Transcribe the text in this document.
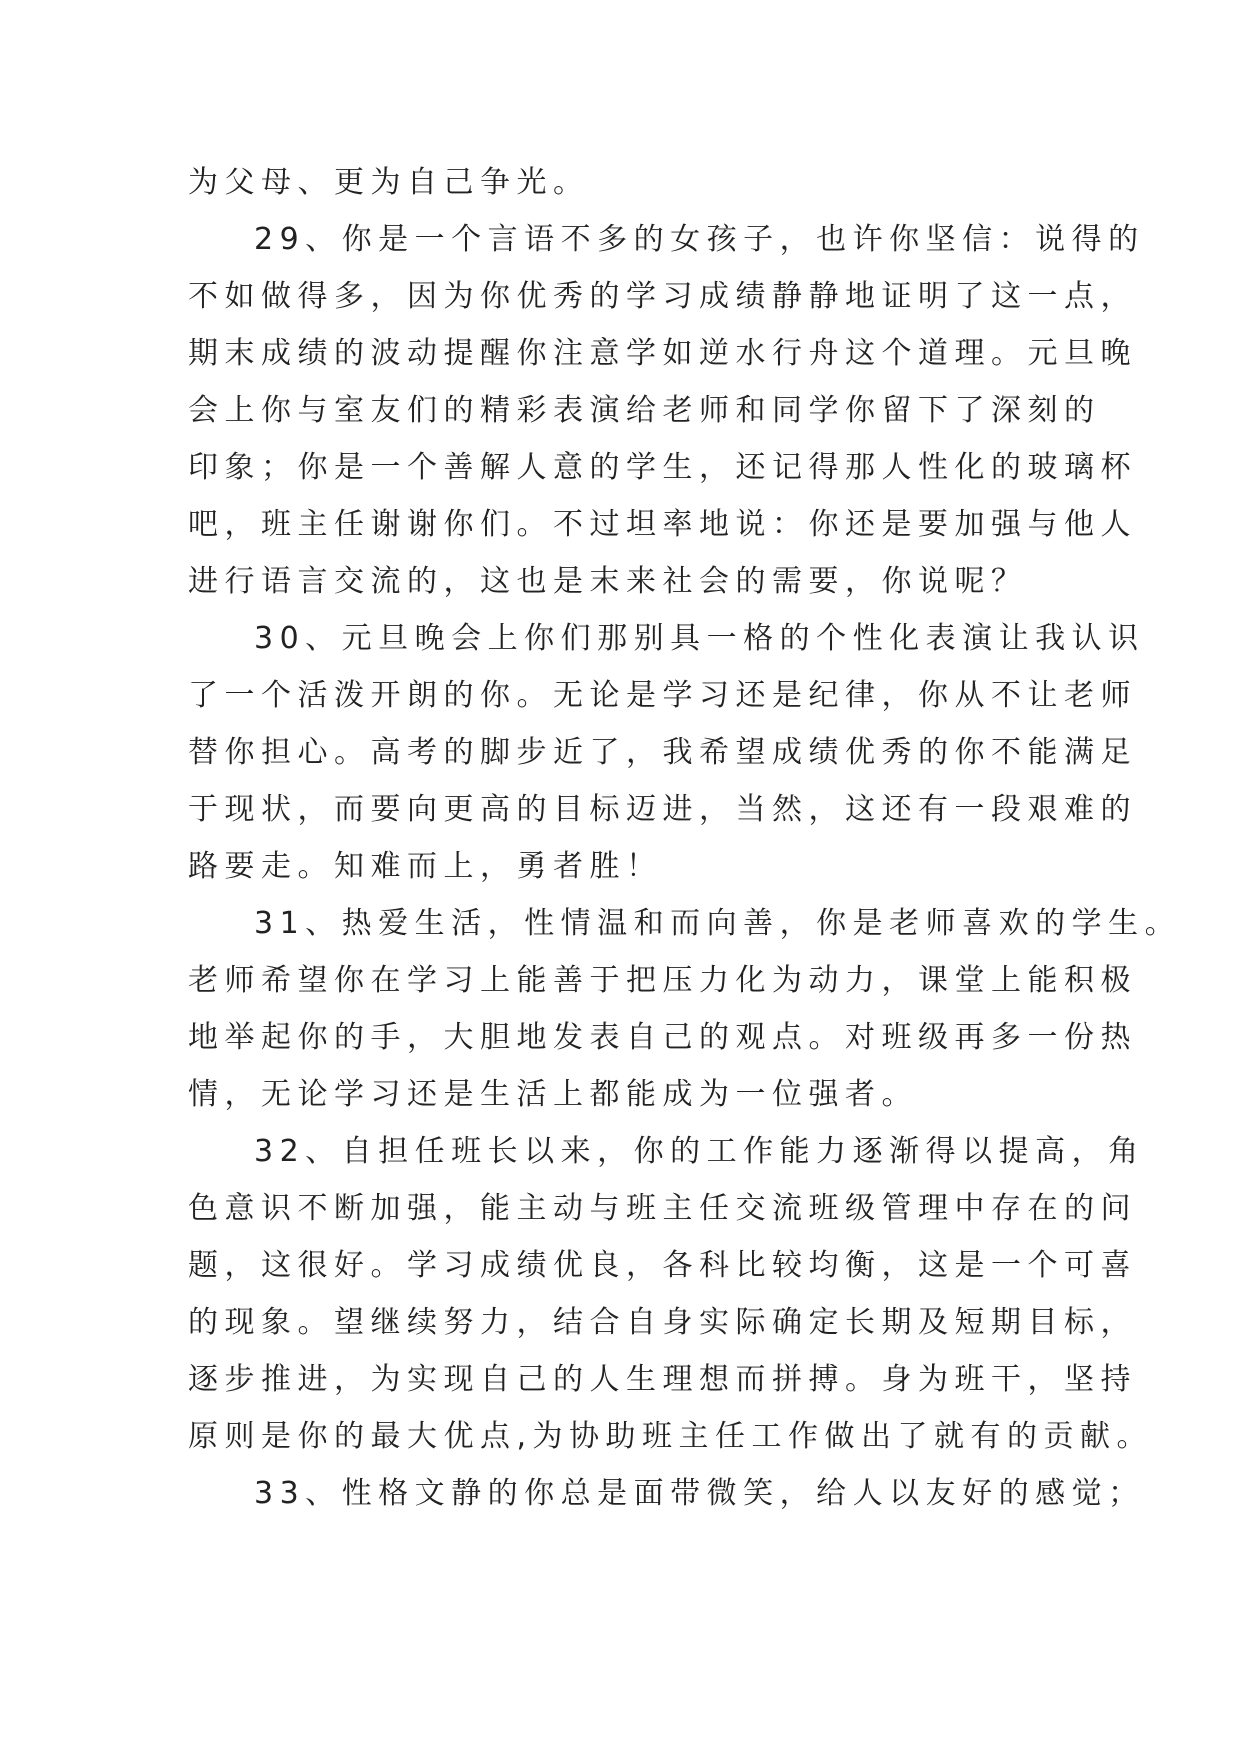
为父母、更为自己争光。
29、你是一个言语不多的女孩子，也许你坚信：说得的
不如做得多，因为你优秀的学习成绩静静地证明了这一点，
期末成绩的波动提醒你注意学如逆水行舟这个道理。元旦晚
会上你与室友们的精彩表演给老师和同学你留下了深刻的
印象；你是一个善解人意的学生，还记得那人性化的玻璃杯
吧，班主任谢谢你们。不过坦率地说：你还是要加强与他人
进行语言交流的，这也是末来社会的需要，你说呢？
30、元旦晚会上你们那别具一格的个性化表演让我认识
了一个活泼开朗的你。无论是学习还是纪律，你从不让老师
替你担心。高考的脚步近了，我希望成绩优秀的你不能满足
于现状，而要向更高的目标迈进，当然，这还有一段艰难的
路要走。知难而上，勇者胜！
31、热爱生活，性情温和而向善，你是老师喜欢的学生。
老师希望你在学习上能善于把压力化为动力，课堂上能积极
地举起你的手，大胆地发表自己的观点。对班级再多一份热
情，无论学习还是生活上都能成为一位强者。
32、自担任班长以来，你的工作能力逐渐得以提高，角
色意识不断加强，能主动与班主任交流班级管理中存在的问
题，这很好。学习成绩优良，各科比较均衡，这是一个可喜
的现象。望继续努力，结合自身实际确定长期及短期目标，
逐步推进，为实现自己的人生理想而拼搏。身为班干，坚持
原则是你的最大优点,为协助班主任工作做出了就有的贡献。
33、性格文静的你总是面带微笑，给人以友好的感觉；
